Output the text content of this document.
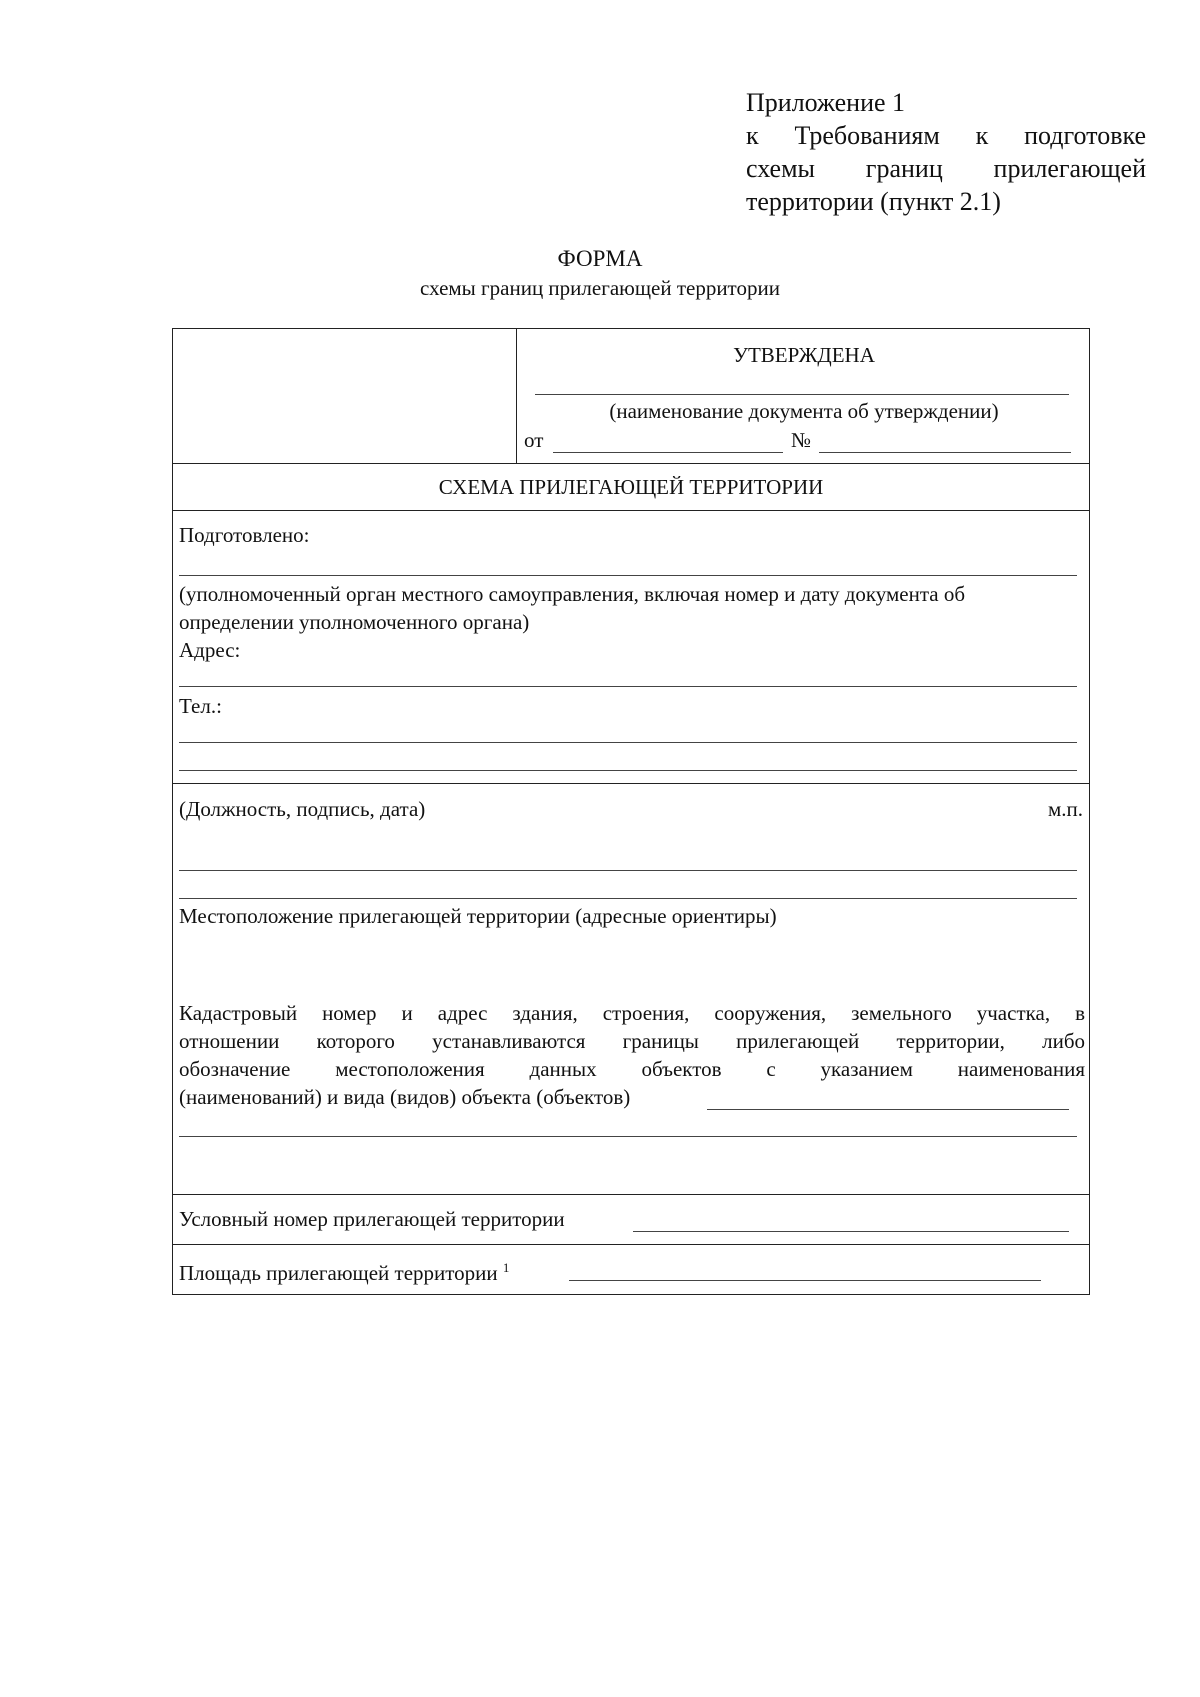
Приложение 1
к Требованиям к подготовке
схемы границ прилегающей
территории (пункт 2.1)
ФОРМА
схемы границ прилегающей территории
УТВЕРЖДЕНА
(наименование документа об утверждении)
от	№
СХЕМА ПРИЛЕГАЮЩЕЙ ТЕРРИТОРИИ
Подготовлено:
(уполномоченный орган местного самоуправления, включая номер и дату документа об
определении уполномоченного органа)
Адрес:
Тел.:
(Должность, подпись, дата)	м.п.
Местоположение прилегающей территории (адресные ориентиры)
Кадастровый номер и адрес здания, строения, сооружения, земельного участка, в
отношении которого устанавливаются границы прилегающей территории, либо
обозначение местоположения данных объектов с указанием наименования
(наименований) и вида (видов) объекта (объектов)
Условный номер прилегающей территории
Площадь прилегающей территории $^1$
